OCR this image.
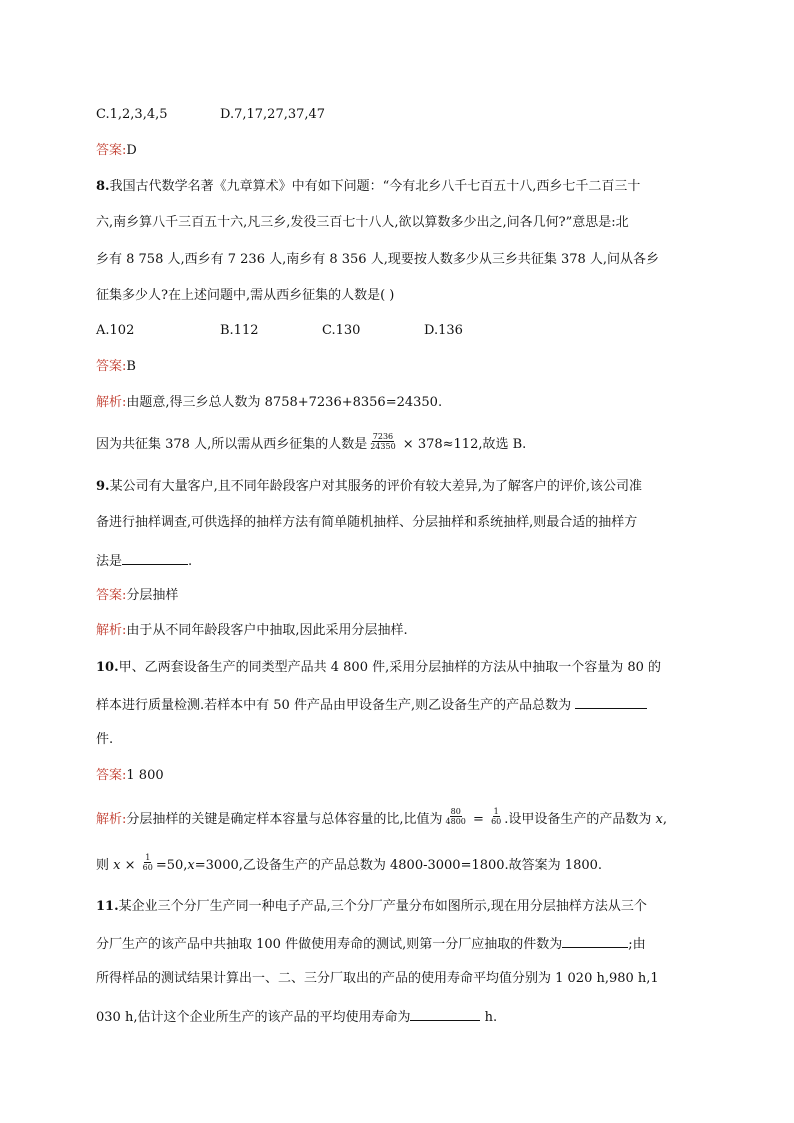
C.1,2,3,4,5	D.7,17,27,37,47
答案:D
8.我国古代数学名著《九章算术》中有如下问题：“今有北乡八千七百五十八,西乡七千二百三十
六,南乡算八千三百五十六,凡三乡,发役三百七十八人,欲以算数多少出之,问各几何?”意思是:北
乡有 8 758 人,西乡有 7 236 人,南乡有 8 356 人,现要按人数多少从三乡共征集 378 人,问从各乡
征集多少人?在上述问题中,需从西乡征集的人数是( )
A.102	B.112	C.130	D.136
答案:B
解析:由题意,得三乡总人数为 8758+7236+8356=24350.
因为共征集 378 人,所以需从西乡征集的人数是 $\frac{7236}{24350} \times 378\approx 112$,故选 B.
9.某公司有大量客户,且不同年龄段客户对其服务的评价有较大差异,为了解客户的评价,该公司准
备进行抽样调查,可供选择的抽样方法有简单随机抽样、分层抽样和系统抽样,则最合适的抽样方
法是	.
答案:分层抽样
解析:由于从不同年龄段客户中抽取,因此采用分层抽样.
10.甲、乙两套设备生产的同类型产品共 4 800 件,采用分层抽样的方法从中抽取一个容量为 80 的
样本进行质量检测.若样本中有 50 件产品由甲设备生产,则乙设备生产的产品总数为
件.
答案:1 800
解析:分层抽样的关键是确定样本容量与总体容量的比,比值为 $\frac{80}{4800} = \frac{1}{60}$ .设甲设备生产的产品数为 x,
则 $x \times \frac{1}{60} =50,x=3000$,乙设备生产的产品总数为 4800-3000=1800.故答案为 1800.
11.某企业三个分厂生产同一种电子产品,三个分厂产量分布如图所示,现在用分层抽样方法从三个
分厂生产的该产品中共抽取 100 件做使用寿命的测试,则第一分厂应抽取的件数为	;由
所得样品的测试结果计算出一、二、三分厂取出的产品的使用寿命平均值分别为 1 020 h,980 h,1
030 h,估计这个企业所生产的该产品的平均使用寿命为	h.
